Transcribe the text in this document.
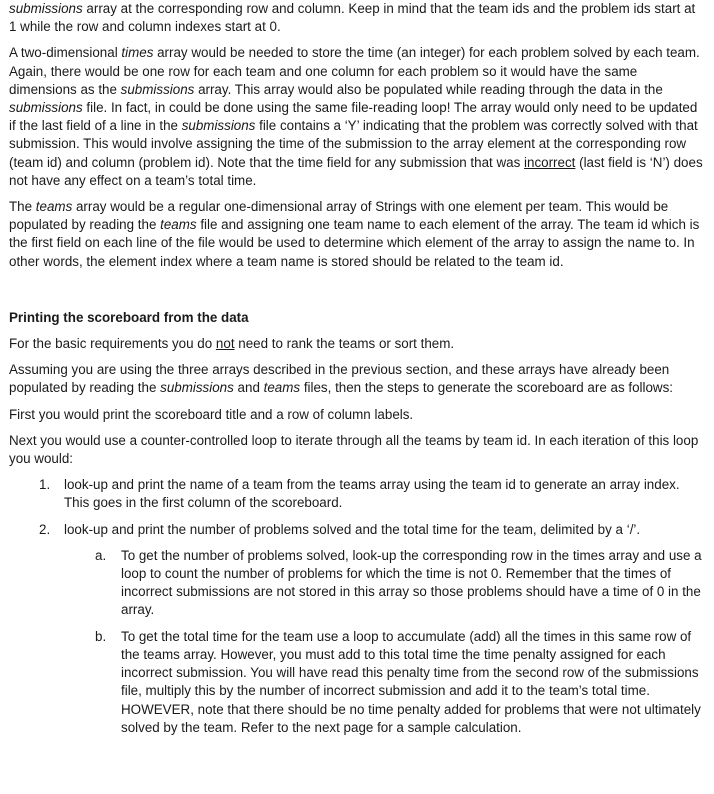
submissions array at the corresponding row and column. Keep in mind that the team ids and the problem ids start at 1 while the row and column indexes start at 0.

A two-dimensional times array would be needed to store the time (an integer) for each problem solved by each team. Again, there would be one row for each team and one column for each problem so it would have the same dimensions as the submissions array. This array would also be populated while reading through the data in the submissions file. In fact, in could be done using the same file-reading loop! The array would only need to be updated if the last field of a line in the submissions file contains a ‘Y’ indicating that the problem was correctly solved with that submission. This would involve assigning the time of the submission to the array element at the corresponding row (team id) and column (problem id). Note that the time field for any submission that was incorrect (last field is ‘N’) does not have any effect on a team’s total time.

The teams array would be a regular one-dimensional array of Strings with one element per team. This would be populated by reading the teams file and assigning one team name to each element of the array. The team id which is the first field on each line of the file would be used to determine which element of the array to assign the name to. In other words, the element index where a team name is stored should be related to the team id.

Printing the scoreboard from the data

For the basic requirements you do not need to rank the teams or sort them.

Assuming you are using the three arrays described in the previous section, and these arrays have already been populated by reading the submissions and teams files, then the steps to generate the scoreboard are as follows:

First you would print the scoreboard title and a row of column labels.

Next you would use a counter-controlled loop to iterate through all the teams by team id. In each iteration of this loop you would:

1.	look-up and print the name of a team from the teams array using the team id to generate an array index. This goes in the first column of the scoreboard.
2.	look-up and print the number of problems solved and the total time for the team, delimited by a ‘/’.
a.	To get the number of problems solved, look-up the corresponding row in the times array and use a loop to count the number of problems for which the time is not 0. Remember that the times of incorrect submissions are not stored in this array so those problems should have a time of 0 in the array.
b.	To get the total time for the team use a loop to accumulate (add) all the times in this same row of the teams array. However, you must add to this total time the time penalty assigned for each incorrect submission. You will have read this penalty time from the second row of the submissions file, multiply this by the number of incorrect submission and add it to the team’s total time. HOWEVER, note that there should be no time penalty added for problems that were not ultimately solved by the team. Refer to the next page for a sample calculation.
